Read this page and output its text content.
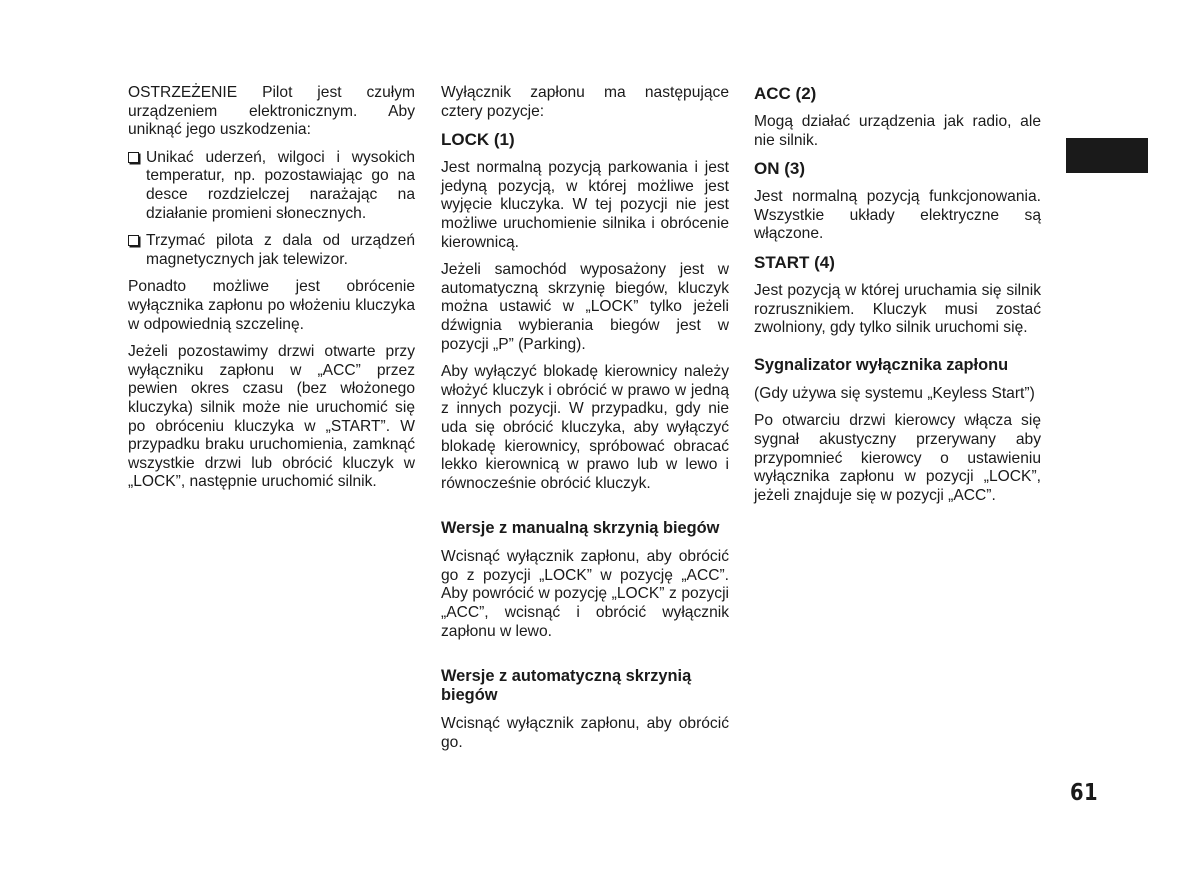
OSTRZEŻENIE Pilot jest czułym urządzeniem elektronicznym. Aby uniknąć jego uszkodzenia:

Unikać uderzeń, wilgoci i wysokich temperatur, np. pozostawiając go na desce rozdzielczej narażając na działanie promieni słonecznych.
Trzymać pilota z dala od urządzeń magnetycznych jak telewizor.

Ponadto możliwe jest obrócenie wyłącznika zapłonu po włożeniu kluczyka w odpowiednią szczelinę.

Jeżeli pozostawimy drzwi otwarte przy wyłączniku zapłonu w „ACC” przez pewien okres czasu (bez włożonego kluczyka) silnik może nie uruchomić się po obróceniu kluczyka w „START”. W przypadku braku uruchomienia, zamknąć wszystkie drzwi lub obrócić kluczyk w „LOCK”, następnie uruchomić silnik.

Wyłącznik zapłonu ma następujące cztery pozycje:

LOCK (1)

Jest normalną pozycją parkowania i jest jedyną pozycją, w której możliwe jest wyjęcie kluczyka. W tej pozycji nie jest możliwe uruchomienie silnika i obrócenie kierownicą.

Jeżeli samochód wyposażony jest w automatyczną skrzynię biegów, kluczyk można ustawić w „LOCK” tylko jeżeli dźwignia wybierania biegów jest w pozycji „P” (Parking).

Aby wyłączyć blokadę kierownicy należy włożyć kluczyk i obrócić w prawo w jedną z innych pozycji. W przypadku, gdy nie uda się obrócić kluczyka, aby wyłączyć blokadę kierownicy, spróbować obracać lekko kierownicą w prawo lub w lewo i równocześnie obrócić kluczyk.

Wersje z manualną skrzynią biegów

Wcisnąć wyłącznik zapłonu, aby obrócić go z pozycji „LOCK” w pozycję „ACC”. Aby powrócić w pozycję „LOCK” z pozycji „ACC”, wcisnąć i obrócić wyłącznik zapłonu w lewo.

Wersje z automatyczną skrzynią biegów

Wcisnąć wyłącznik zapłonu, aby obrócić go.

ACC (2)

Mogą działać urządzenia jak radio, ale nie silnik.

ON (3)

Jest normalną pozycją funkcjonowania. Wszystkie układy elektryczne są włączone.

START (4)

Jest pozycją w której uruchamia się silnik rozrusznikiem. Kluczyk musi zostać zwolniony, gdy tylko silnik uruchomi się.

Sygnalizator wyłącznika zapłonu

(Gdy używa się systemu „Keyless Start”)

Po otwarciu drzwi kierowcy włącza się sygnał akustyczny przerywany aby przypomnieć kierowcy o ustawieniu wyłącznika zapłonu w pozycji „LOCK”, jeżeli znajduje się w pozycji „ACC”.

61
